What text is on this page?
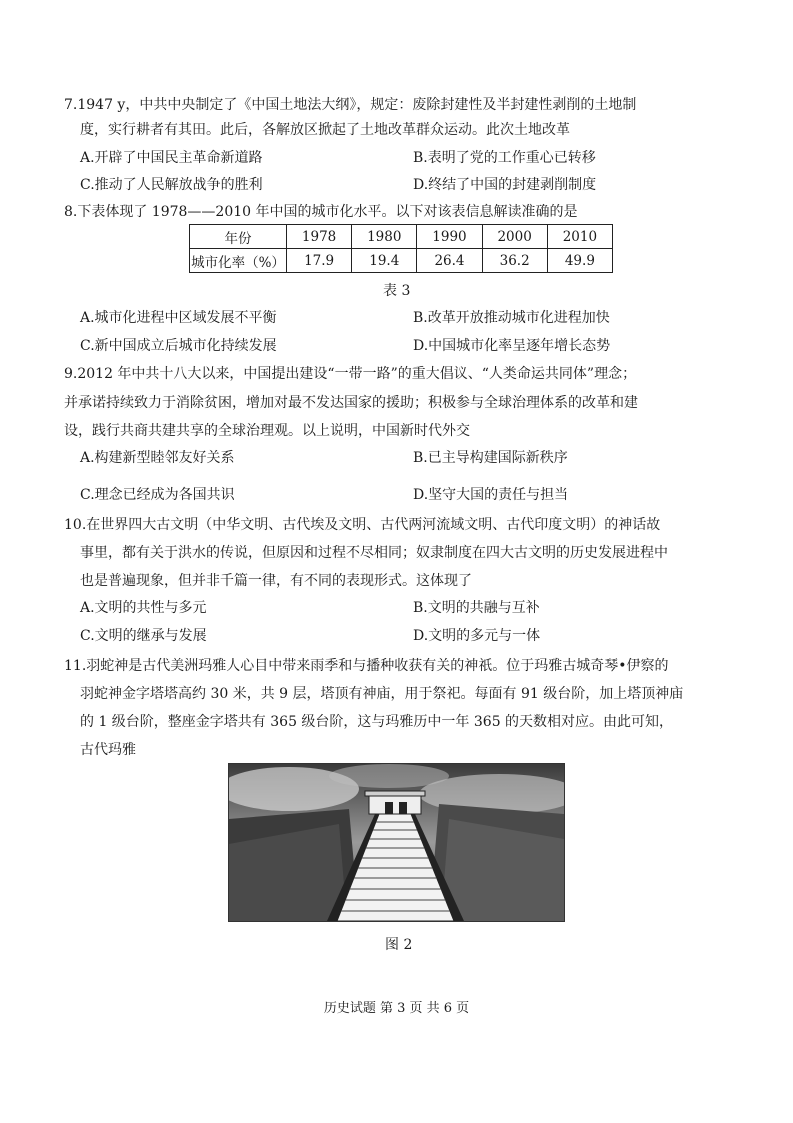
7.1947 y，中共中央制定了《中国土地法大纲》，规定：废除封建性及半封建性剥削的土地制
度，实行耕者有其田。此后，各解放区掀起了土地改革群众运动。此次土地改革
A.开辟了中国民主革命新道路	B.表明了党的工作重心已转移
C.推动了人民解放战争的胜利	D.终结了中国的封建剥削制度
8.下表体现了 1978——2010 年中国的城市化水平。以下对该表信息解读准确的是
年份	1978	1980	1990	2000	2010
城市化率（%）	17.9	19.4	26.4	36.2	49.9
表 3
A.城市化进程中区域发展不平衡	B.改革开放推动城市化进程加快
C.新中国成立后城市化持续发展	D.中国城市化率呈逐年增长态势
9.2012 年中共十八大以来，中国提出建设“一带一路”的重大倡议、“人类命运共同体”理念；
并承诺持续致力于消除贫困，增加对最不发达国家的援助；积极参与全球治理体系的改革和建
设，践行共商共建共享的全球治理观。以上说明，中国新时代外交
A.构建新型睦邻友好关系	B.已主导构建国际新秩序
C.理念已经成为各国共识	D.坚守大国的责任与担当
10.在世界四大古文明（中华文明、古代埃及文明、古代两河流域文明、古代印度文明）的神话故
事里，都有关于洪水的传说，但原因和过程不尽相同；奴隶制度在四大古文明的历史发展进程中
也是普遍现象，但并非千篇一律，有不同的表现形式。这体现了
A.文明的共性与多元	B.文明的共融与互补
C.文明的继承与发展	D.文明的多元与一体
11.羽蛇神是古代美洲玛雅人心目中带来雨季和与播种收获有关的神祇。位于玛雅古城奇琴•伊察的
羽蛇神金字塔塔高约 30 米，共 9 层，塔顶有神庙，用于祭祀。每面有 91 级台阶，加上塔顶神庙
的 1 级台阶，整座金字塔共有 365 级台阶，这与玛雅历中一年 365 的天数相对应。由此可知，
古代玛雅
图 2
历史试题 第 3 页 共 6 页
